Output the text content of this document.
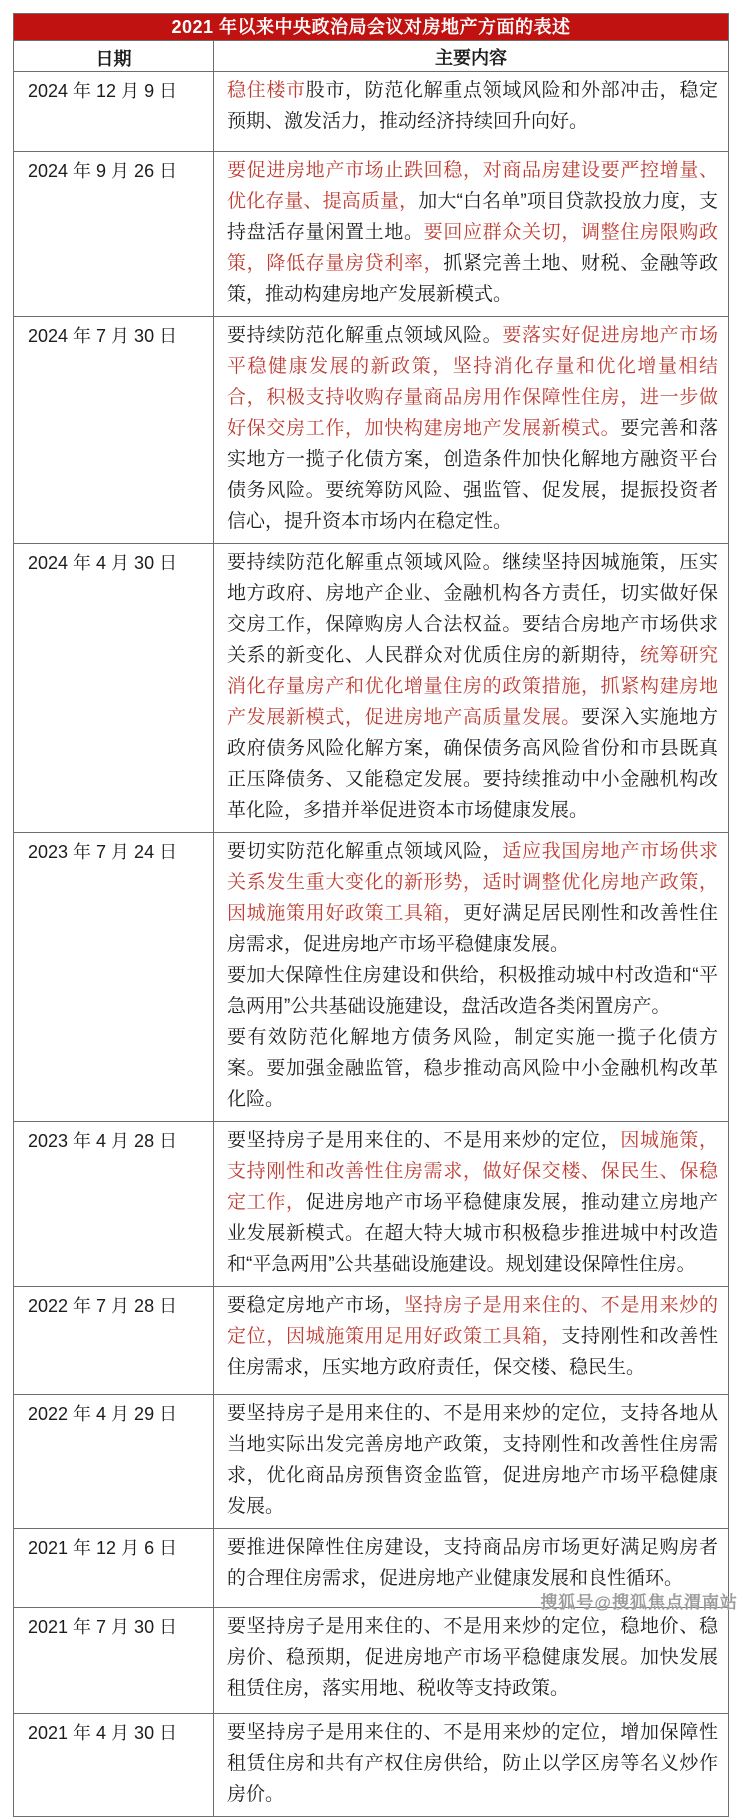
2021 年以来中央政治局会议对房地产方面的表述
日期	主要内容
2024 年 12 月 9 日	稳住楼市股市，防范化解重点领域风险和外部冲击，稳定预期、激发活力，推动经济持续回升向好。
2024 年 9 月 26 日	要促进房地产市场止跌回稳，对商品房建设要严控增量、优化存量、提高质量，加大“白名单”项目贷款投放力度，支持盘活存量闲置土地。要回应群众关切，调整住房限购政策，降低存量房贷利率，抓紧完善土地、财税、金融等政策，推动构建房地产发展新模式。
2024 年 7 月 30 日	要持续防范化解重点领域风险。要落实好促进房地产市场平稳健康发展的新政策，坚持消化存量和优化增量相结合，积极支持收购存量商品房用作保障性住房，进一步做好保交房工作，加快构建房地产发展新模式。要完善和落实地方一揽子化债方案，创造条件加快化解地方融资平台债务风险。要统筹防风险、强监管、促发展，提振投资者信心，提升资本市场内在稳定性。
2024 年 4 月 30 日	要持续防范化解重点领域风险。继续坚持因城施策，压实地方政府、房地产企业、金融机构各方责任，切实做好保交房工作，保障购房人合法权益。要结合房地产市场供求关系的新变化、人民群众对优质住房的新期待，统筹研究消化存量房产和优化增量住房的政策措施，抓紧构建房地产发展新模式，促进房地产高质量发展。要深入实施地方政府债务风险化解方案，确保债务高风险省份和市县既真正压降债务、又能稳定发展。要持续推动中小金融机构改革化险，多措并举促进资本市场健康发展。
2023 年 7 月 24 日	要切实防范化解重点领域风险，适应我国房地产市场供求关系发生重大变化的新形势，适时调整优化房地产政策，因城施策用好政策工具箱，更好满足居民刚性和改善性住房需求，促进房地产市场平稳健康发展。
要加大保障性住房建设和供给，积极推动城中村改造和“平急两用”公共基础设施建设，盘活改造各类闲置房产。
要有效防范化解地方债务风险，制定实施一揽子化债方案。要加强金融监管，稳步推动高风险中小金融机构改革化险。
2023 年 4 月 28 日	要坚持房子是用来住的、不是用来炒的定位，因城施策，支持刚性和改善性住房需求，做好保交楼、保民生、保稳定工作，促进房地产市场平稳健康发展，推动建立房地产业发展新模式。在超大特大城市积极稳步推进城中村改造和“平急两用”公共基础设施建设。规划建设保障性住房。
2022 年 7 月 28 日	要稳定房地产市场，坚持房子是用来住的、不是用来炒的定位，因城施策用足用好政策工具箱，支持刚性和改善性住房需求，压实地方政府责任，保交楼、稳民生。
2022 年 4 月 29 日	要坚持房子是用来住的、不是用来炒的定位，支持各地从当地实际出发完善房地产政策，支持刚性和改善性住房需求，优化商品房预售资金监管，促进房地产市场平稳健康发展。
2021 年 12 月 6 日	要推进保障性住房建设，支持商品房市场更好满足购房者的合理住房需求，促进房地产业健康发展和良性循环。
2021 年 7 月 30 日	要坚持房子是用来住的、不是用来炒的定位，稳地价、稳房价、稳预期，促进房地产市场平稳健康发展。加快发展租赁住房，落实用地、税收等支持政策。
2021 年 4 月 30 日	要坚持房子是用来住的、不是用来炒的定位，增加保障性租赁住房和共有产权住房供给，防止以学区房等名义炒作房价。
搜狐号@搜狐焦点渭南站
